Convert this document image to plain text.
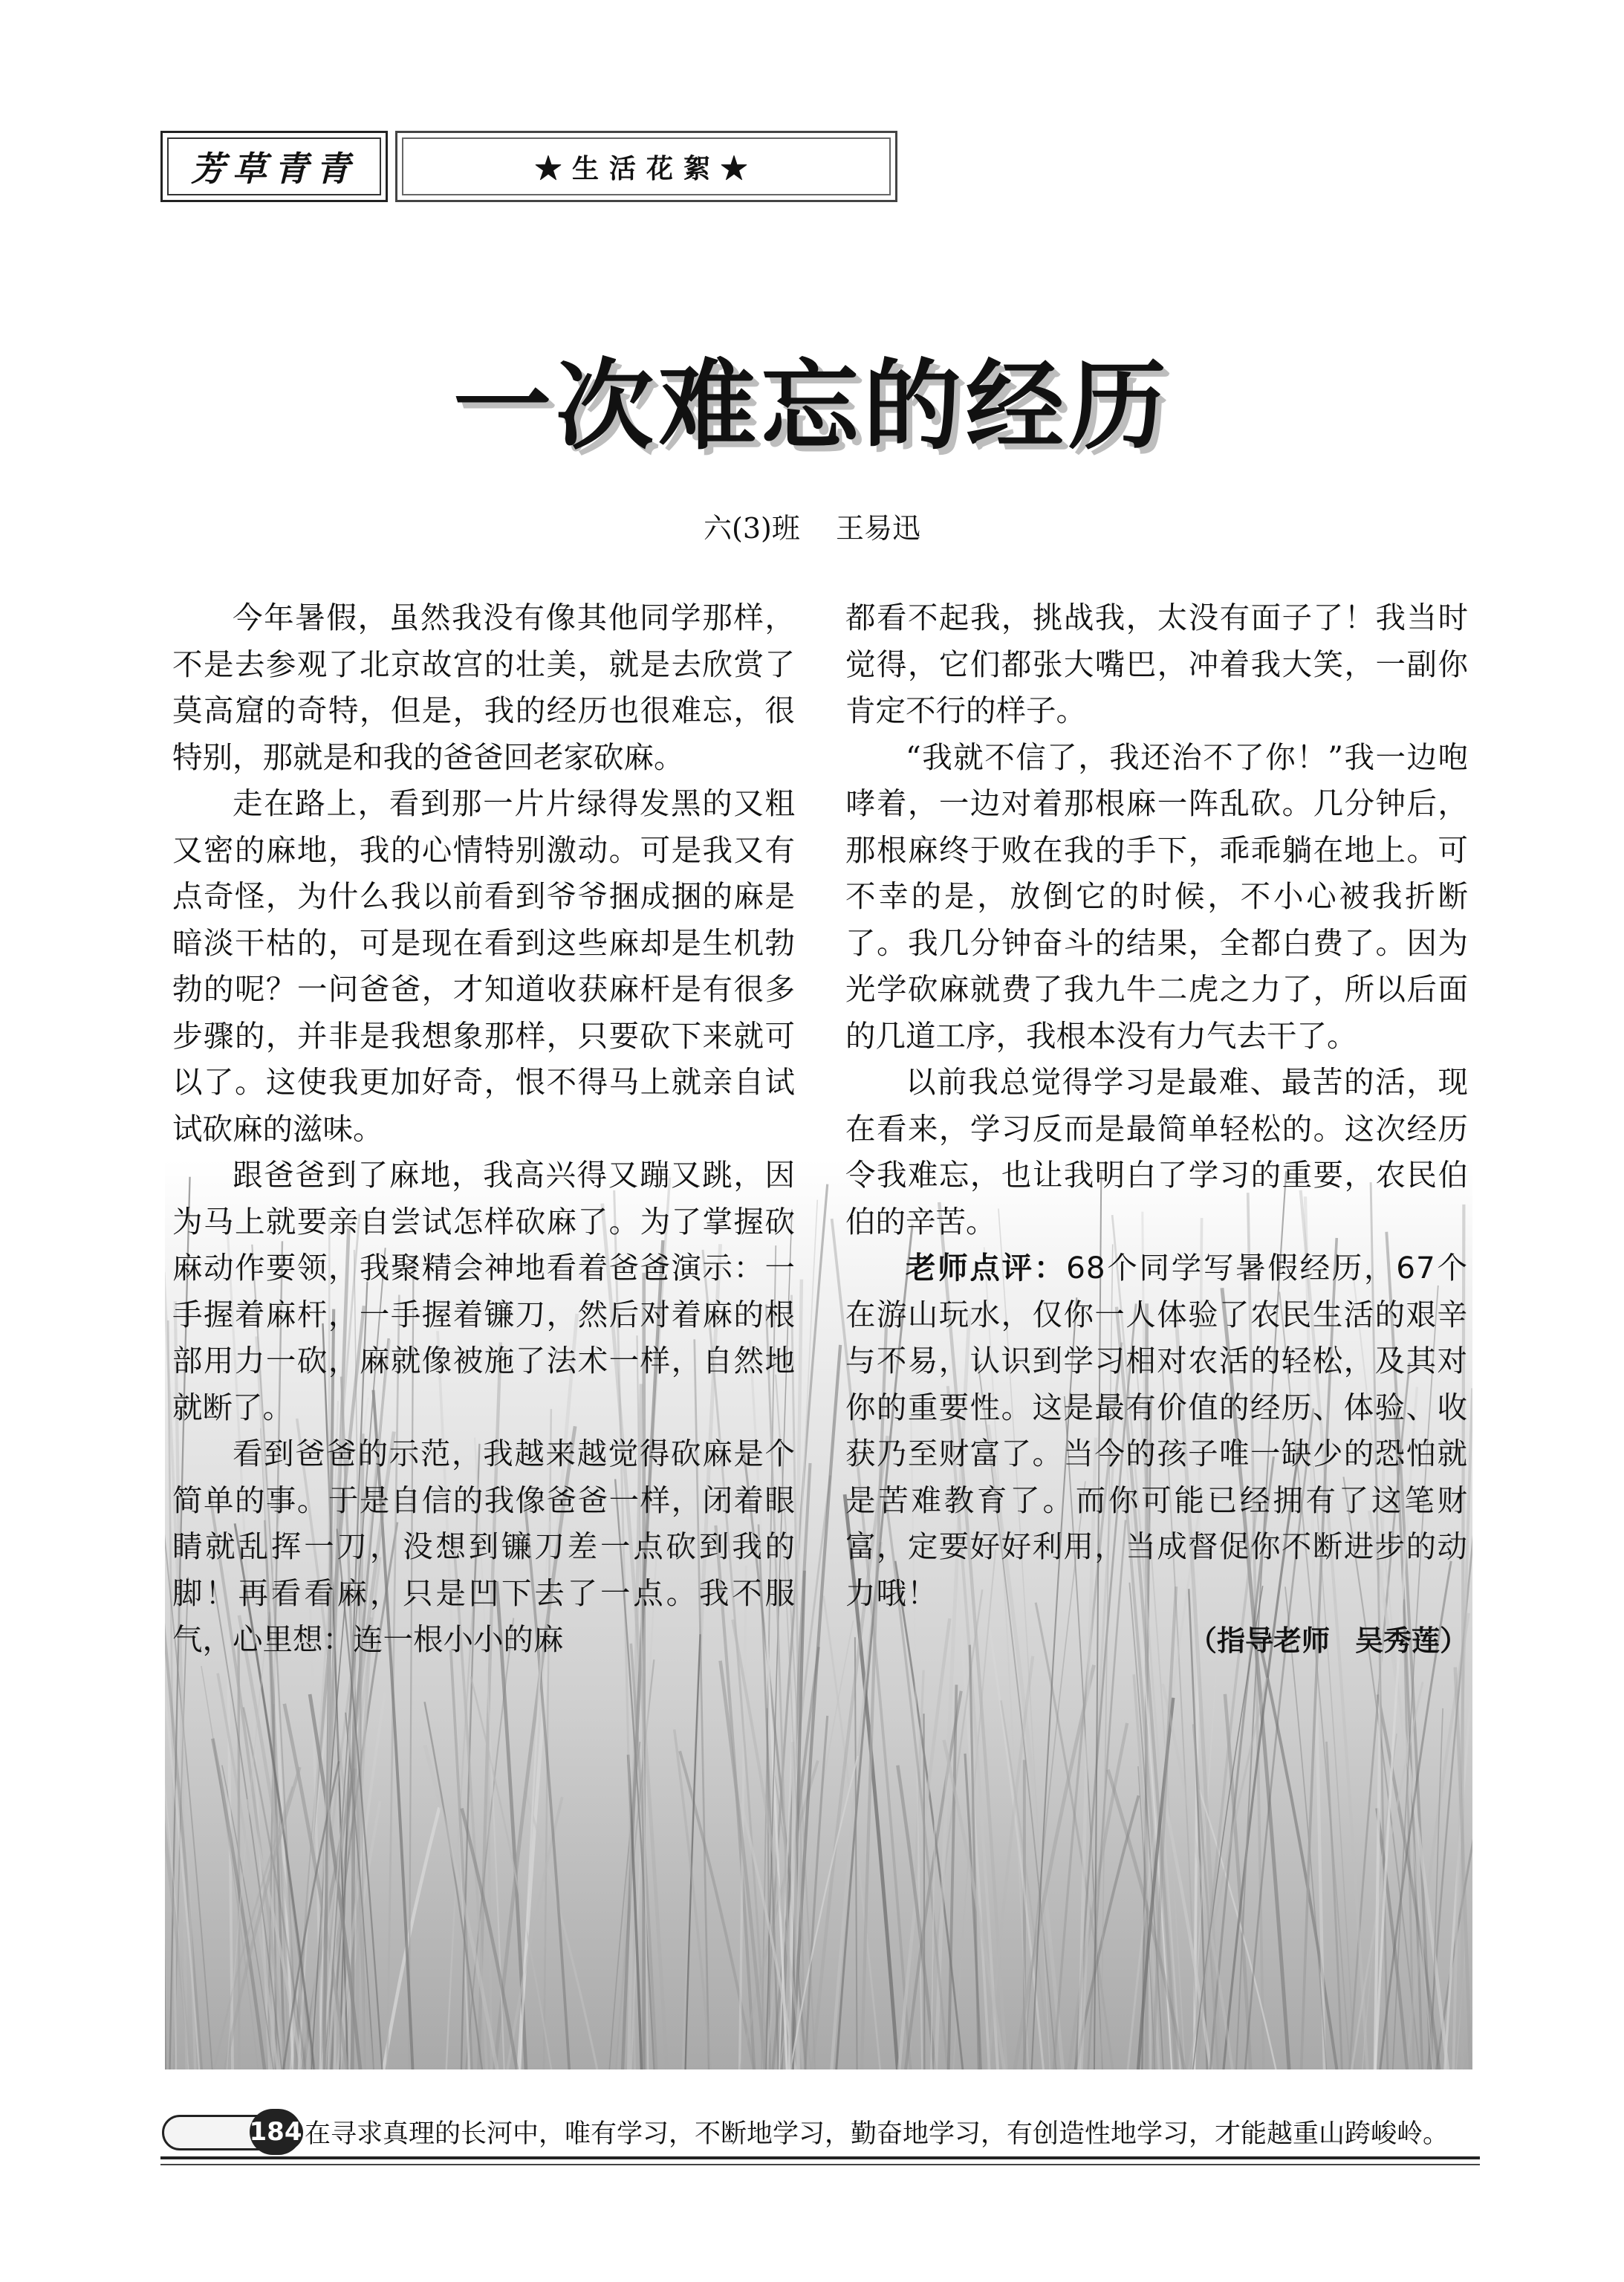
芳草青青	★生活花絮★
一次难忘的经历
六(3)班 王易迅

今年暑假，虽然我没有像其他同学那样，不是去参观了北京故宫的壮美，就是去欣赏了莫高窟的奇特，但是，我的经历也很难忘，很特别，那就是和我的爸爸回老家砍麻。

走在路上，看到那一片片绿得发黑的又粗又密的麻地，我的心情特别激动。可是我又有点奇怪，为什么我以前看到爷爷捆成捆的麻是暗淡干枯的，可是现在看到这些麻却是生机勃勃的呢？一问爸爸，才知道收获麻杆是有很多步骤的，并非是我想象那样，只要砍下来就可以了。这使我更加好奇，恨不得马上就亲自试试砍麻的滋味。

跟爸爸到了麻地，我高兴得又蹦又跳，因为马上就要亲自尝试怎样砍麻了。为了掌握砍麻动作要领，我聚精会神地看着爸爸演示：一手握着麻杆，一手握着镰刀，然后对着麻的根部用力一砍，麻就像被施了法术一样，自然地就断了。

看到爸爸的示范，我越来越觉得砍麻是个简单的事。于是自信的我像爸爸一样，闭着眼睛就乱挥一刀，没想到镰刀差一点砍到我的脚！再看看麻，只是凹下去了一点。我不服气，心里想：连一根小小的麻

都看不起我，挑战我，太没有面子了！我当时觉得，它们都张大嘴巴，冲着我大笑，一副你肯定不行的样子。

“我就不信了，我还治不了你！”我一边咆哮着，一边对着那根麻一阵乱砍。几分钟后，那根麻终于败在我的手下，乖乖躺在地上。可不幸的是，放倒它的时候，不小心被我折断了。我几分钟奋斗的结果，全都白费了。因为光学砍麻就费了我九牛二虎之力了，所以后面的几道工序，我根本没有力气去干了。

以前我总觉得学习是最难、最苦的活，现在看来，学习反而是最简单轻松的。这次经历令我难忘，也让我明白了学习的重要，农民伯伯的辛苦。

老师点评：68个同学写暑假经历，67个在游山玩水，仅你一人体验了农民生活的艰辛与不易，认识到学习相对农活的轻松，及其对你的重要性。这是最有价值的经历、体验、收获乃至财富了。当今的孩子唯一缺少的恐怕就是苦难教育了。而你可能已经拥有了这笔财富，定要好好利用，当成督促你不断进步的动力哦！

（指导老师 吴秀莲）
184 在寻求真理的长河中，唯有学习，不断地学习，勤奋地学习，有创造性地学习，才能越重山跨峻岭。
